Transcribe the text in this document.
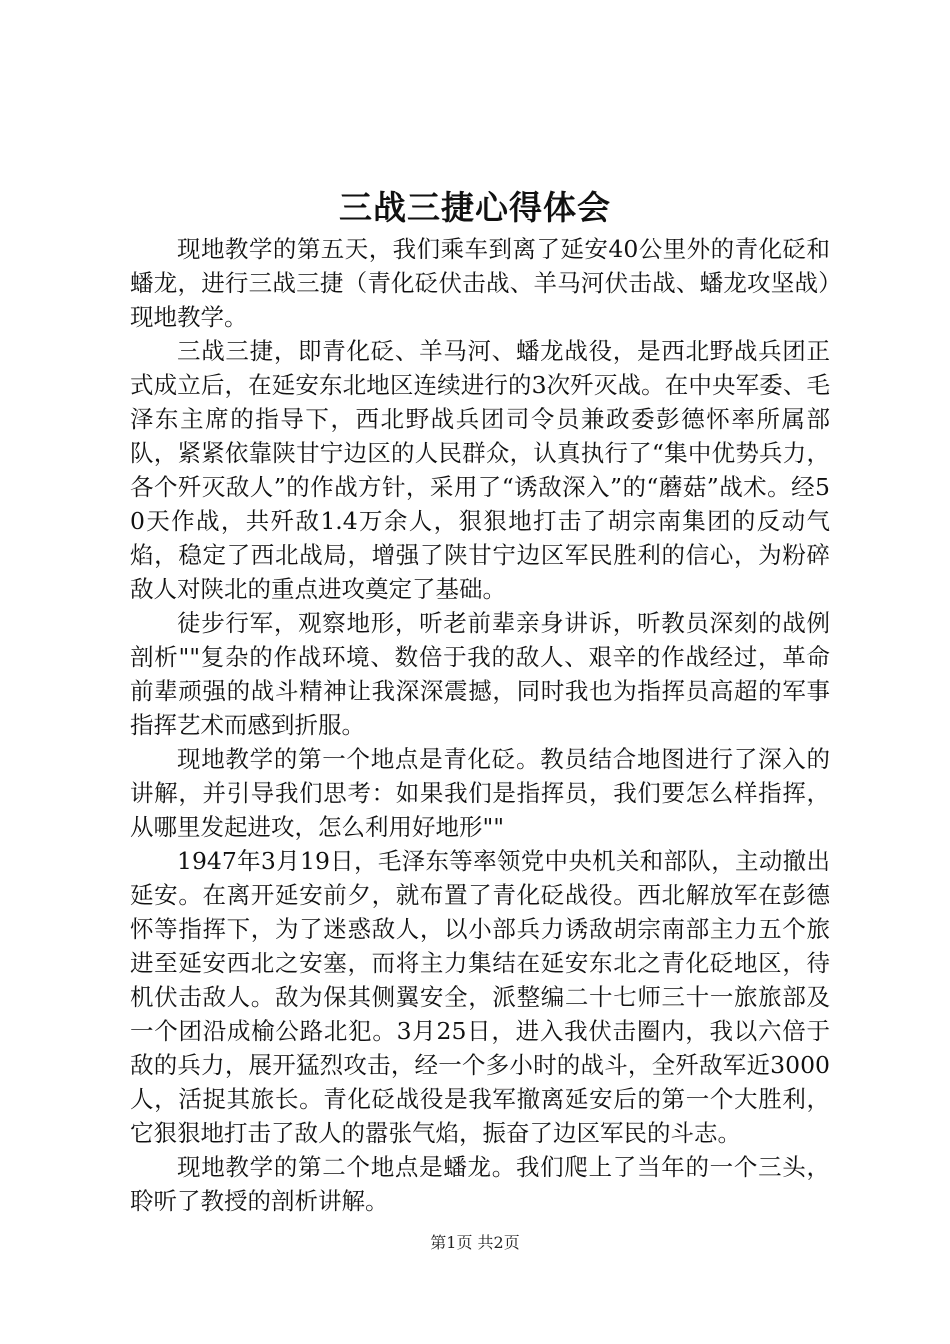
三战三捷心得体会

现地教学的第五天，我们乘车到离了延安40公里外的青化砭和蟠龙，进行三战三捷（青化砭伏击战、羊马河伏击战、蟠龙攻坚战）现地教学。

三战三捷，即青化砭、羊马河、蟠龙战役，是西北野战兵团正式成立后，在延安东北地区连续进行的3次歼灭战。在中央军委、毛泽东主席的指导下，西北野战兵团司令员兼政委彭德怀率所属部队，紧紧依靠陕甘宁边区的人民群众，认真执行了“集中优势兵力，各个歼灭敌人”的作战方针，采用了“诱敌深入”的“蘑菇”战术。经50天作战，共歼敌1.4万余人，狠狠地打击了胡宗南集团的反动气焰，稳定了西北战局，增强了陕甘宁边区军民胜利的信心，为粉碎敌人对陕北的重点进攻奠定了基础。

徒步行军，观察地形，听老前辈亲身讲诉，听教员深刻的战例剖析""复杂的作战环境、数倍于我的敌人、艰辛的作战经过，革命前辈顽强的战斗精神让我深深震撼，同时我也为指挥员高超的军事指挥艺术而感到折服。

现地教学的第一个地点是青化砭。教员结合地图进行了深入的讲解，并引导我们思考：如果我们是指挥员，我们要怎么样指挥，从哪里发起进攻，怎么利用好地形""

1947年3月19日，毛泽东等率领党中央机关和部队，主动撤出延安。在离开延安前夕，就布置了青化砭战役。西北解放军在彭德怀等指挥下，为了迷惑敌人，以小部兵力诱敌胡宗南部主力五个旅进至延安西北之安塞，而将主力集结在延安东北之青化砭地区，待机伏击敌人。敌为保其侧翼安全，派整编二十七师三十一旅旅部及一个团沿成榆公路北犯。3月25日，进入我伏击圈内，我以六倍于敌的兵力，展开猛烈攻击，经一个多小时的战斗，全歼敌军近3000人，活捉其旅长。青化砭战役是我军撤离延安后的第一个大胜利，它狠狠地打击了敌人的嚣张气焰，振奋了边区军民的斗志。

现地教学的第二个地点是蟠龙。我们爬上了当年的一个三头，聆听了教授的剖析讲解。

第1页 共2页
